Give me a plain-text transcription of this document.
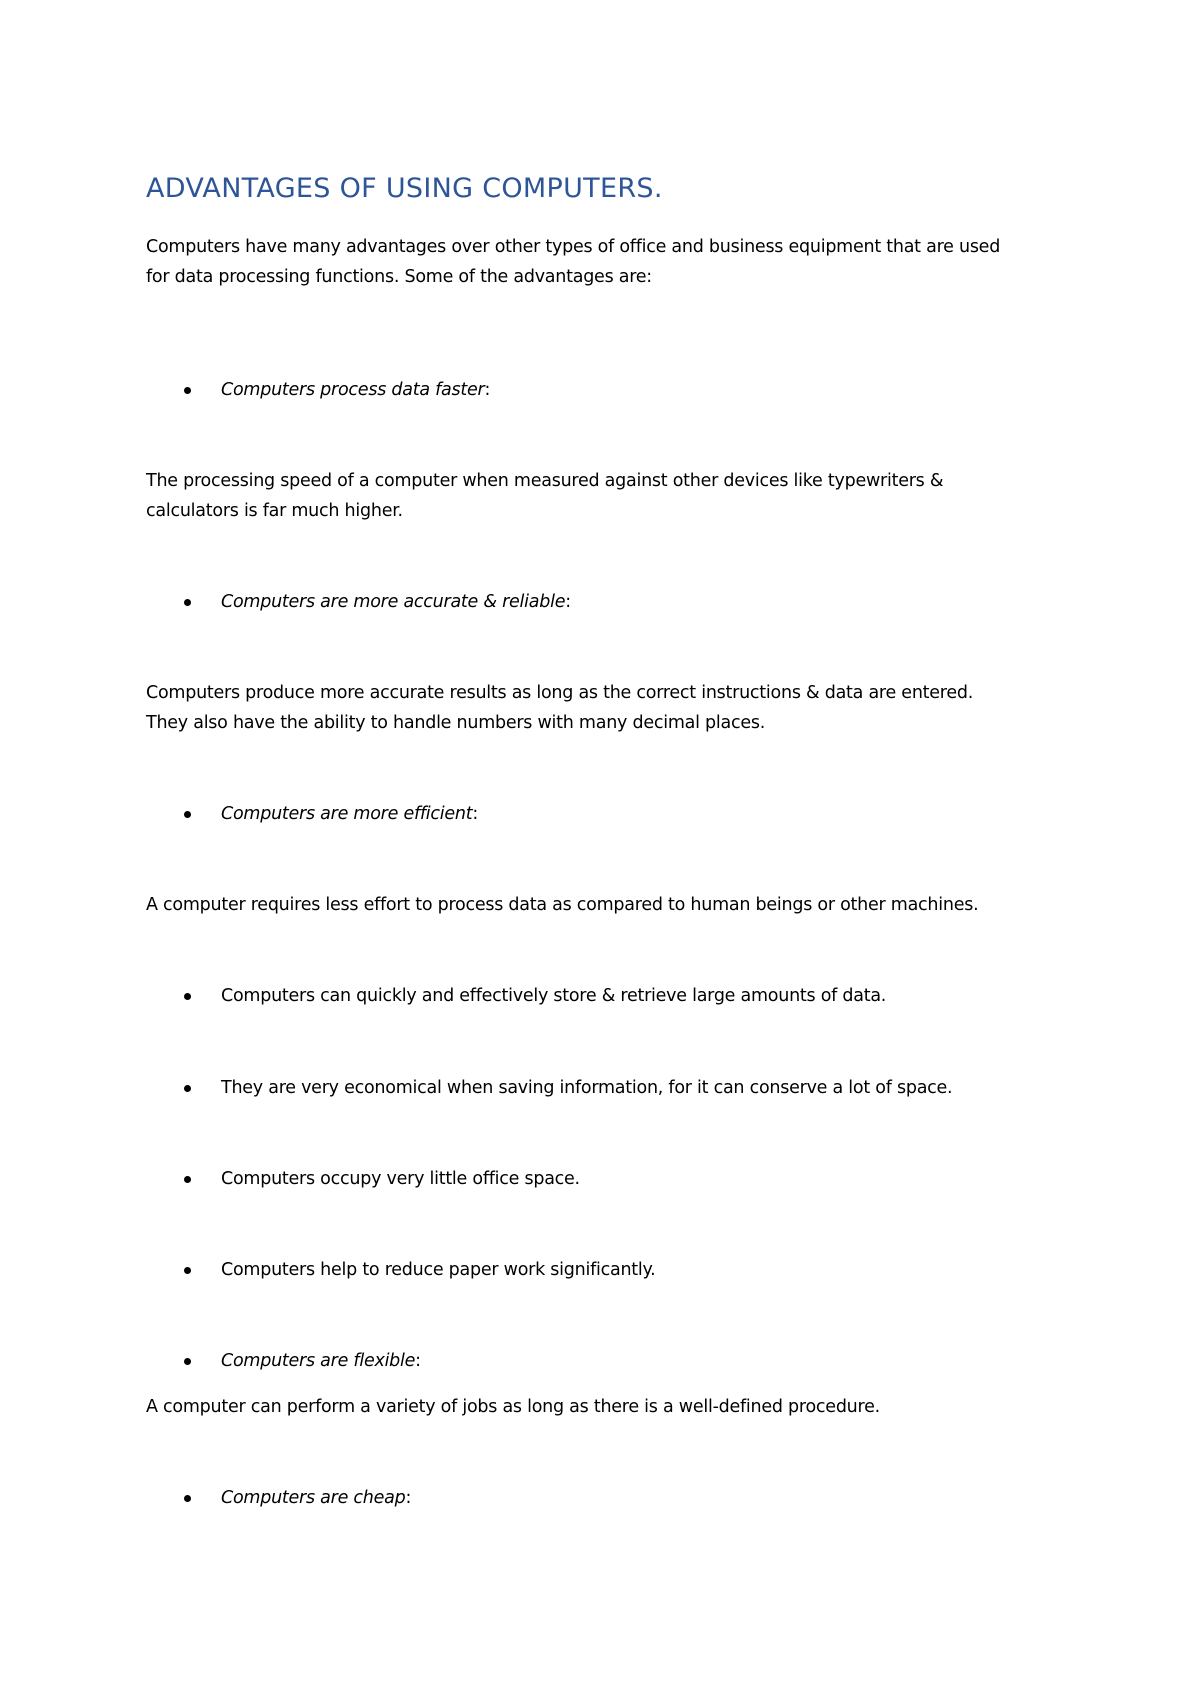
ADVANTAGES OF USING COMPUTERS.

Computers have many advantages over other types of office and business equipment that are used

for data processing functions. Some of the advantages are:

Computers process data faster :

The processing speed of a computer when measured against other devices like typewriters &

calculators is far much higher.

Computers are more accurate & reliable :

Computers produce more accurate results as long as the correct instructions & data are entered.

They also have the ability to handle numbers with many decimal places.

Computers are more efficient :

A computer requires less effort to process data as compared to human beings or other machines.

Computers can quickly and effectively store & retrieve large amounts of data.
They are very economical when saving information, for it can conserve a lot of space.
Computers occupy very little office space.
Computers help to reduce paper work significantly.
Computers are flexible :

A computer can perform a variety of jobs as long as there is a well-defined procedure.

Computers are cheap :
